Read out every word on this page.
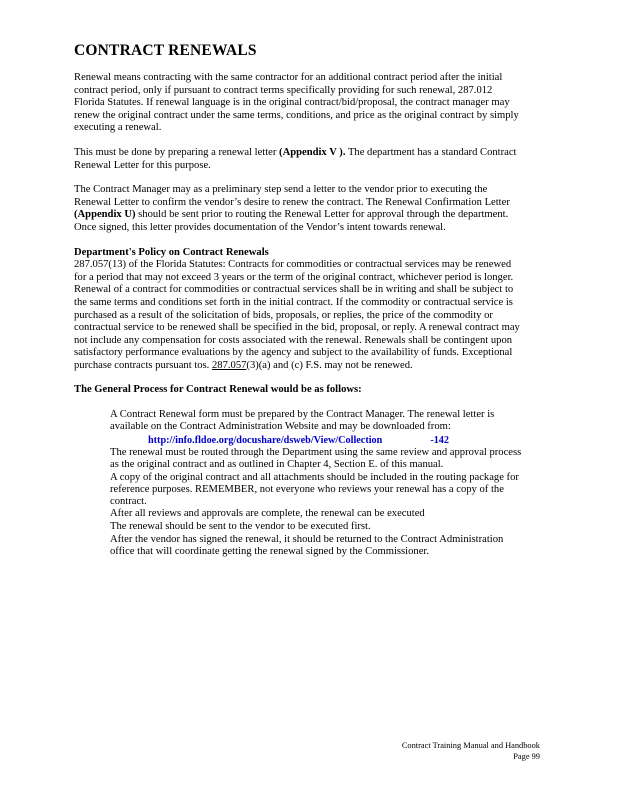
CONTRACT RENEWALS

Renewal means contracting with the same contractor for an additional contract period after the initial contract period, only if pursuant to contract terms specifically providing for such renewal, 287.012 Florida Statutes. If renewal language is in the original contract/bid/proposal, the contract manager may renew the original contract under the same terms, conditions, and price as the original contract by simply executing a renewal.

This must be done by preparing a renewal letter (Appendix V ). The department has a standard Contract Renewal Letter for this purpose.

The Contract Manager may as a preliminary step send a letter to the vendor prior to executing the Renewal Letter to confirm the vendor’s desire to renew the contract. The Renewal Confirmation Letter (Appendix U) should be sent prior to routing the Renewal Letter for approval through the department. Once signed, this letter provides documentation of the Vendor’s intent towards renewal.

Department's Policy on Contract Renewals
287.057(13) of the Florida Statutes: Contracts for commodities or contractual services may be renewed for a period that may not exceed 3 years or the term of the original contract, whichever period is longer. Renewal of a contract for commodities or contractual services shall be in writing and shall be subject to the same terms and conditions set forth in the initial contract. If the commodity or contractual service is purchased as a result of the solicitation of bids, proposals, or replies, the price of the commodity or contractual service to be renewed shall be specified in the bid, proposal, or reply. A renewal contract may not include any compensation for costs associated with the renewal. Renewals shall be contingent upon satisfactory performance evaluations by the agency and subject to the availability of funds. Exceptional purchase contracts pursuant tos. 287.057(3)(a) and (c) F.S. may not be renewed.

The General Process for Contract Renewal would be as follows:
A Contract Renewal form must be prepared by the Contract Manager. The renewal letter is available on the Contract Administration Website and may be downloaded from:
http://info.fldoe.org/docushare/dsweb/View/Collection	-142
The renewal must be routed through the Department using the same review and approval process as the original contract and as outlined in Chapter 4, Section E. of this manual.
A copy of the original contract and all attachments should be included in the routing package for reference purposes. REMEMBER, not everyone who reviews your renewal has a copy of the contract.
After all reviews and approvals are complete, the renewal can be executed
The renewal should be sent to the vendor to be executed first.
After the vendor has signed the renewal, it should be returned to the Contract Administration office that will coordinate getting the renewal signed by the Commissioner.
Contract Training Manual and Handbook
Page 99
